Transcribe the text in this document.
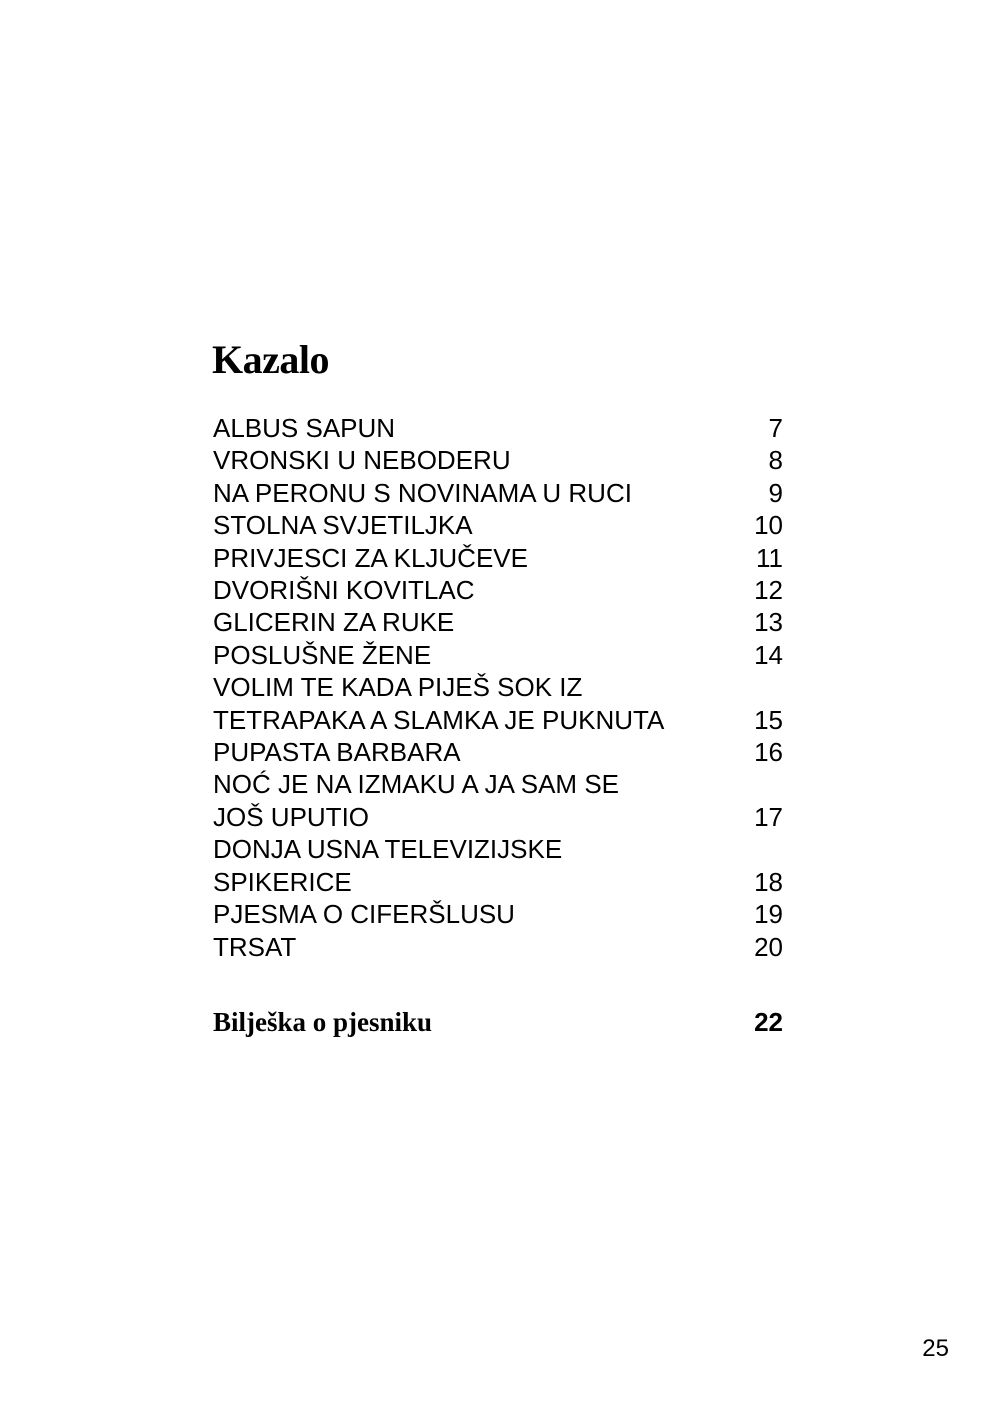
Kazalo
ALBUS SAPUN	7
VRONSKI U NEBODERU	8
NA PERONU S NOVINAMA U RUCI	9
STOLNA SVJETILJKA	10
PRIVJESCI ZA KLJUČEVE	11
DVORIŠNI KOVITLAC	12
GLICERIN ZA RUKE	13
POSLUŠNE ŽENE	14
VOLIM TE KADA PIJEŠ SOK IZ
TETRAPAKA A SLAMKA JE PUKNUTA	15
PUPASTA BARBARA	16
NOĆ JE NA IZMAKU A JA SAM SE
JOŠ UPUTIO	17
DONJA USNA TELEVIZIJSKE
SPIKERICE	18
PJESMA O CIFERŠLUSU	19
TRSAT	20
Bilješka o pjesniku	22
25
